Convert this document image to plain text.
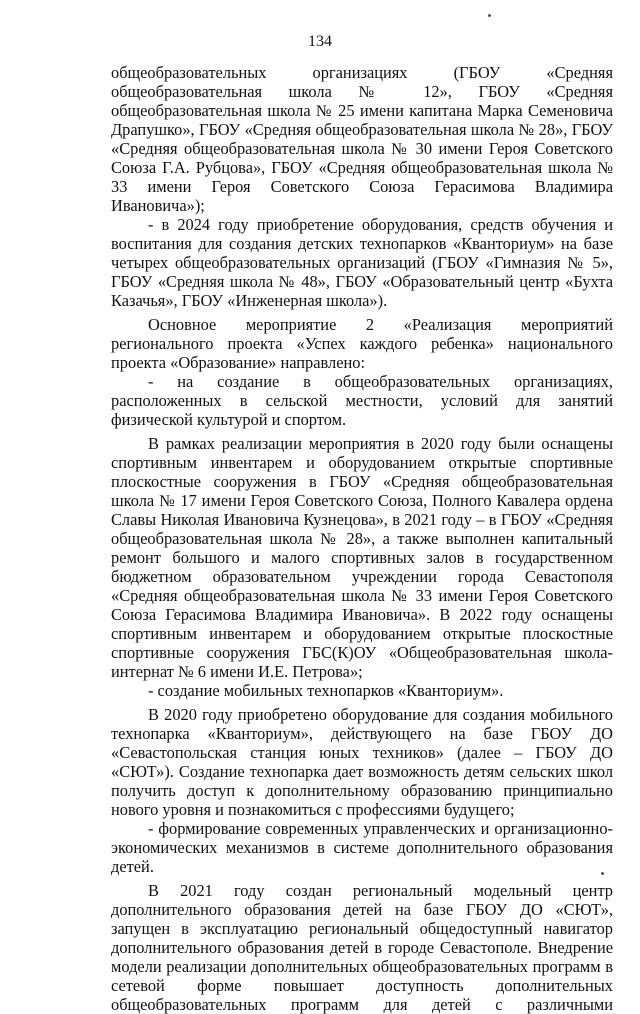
134

общеобразовательных организациях (ГБОУ «Средняя общеобразовательная школа № 12», ГБОУ «Средняя общеобразовательная школа № 25 имени капитана Марка Семеновича Драпушко», ГБОУ «Средняя общеобразовательная школа № 28», ГБОУ «Средняя общеобразовательная школа № 30 имени Героя Советского Союза Г.А. Рубцова», ГБОУ «Средняя общеобразовательная школа № 33 имени Героя Советского Союза Герасимова Владимира Ивановича»);

- в 2024 году приобретение оборудования, средств обучения и воспитания для создания детских технопарков «Кванториум» на базе четырех общеобразовательных организаций (ГБОУ «Гимназия № 5», ГБОУ «Средняя школа № 48», ГБОУ «Образовательный центр «Бухта Казачья», ГБОУ «Инженерная школа»).

Основное мероприятие 2 «Реализация мероприятий регионального проекта «Успех каждого ребенка» национального проекта «Образование» направлено:

- на создание в общеобразовательных организациях, расположенных в сельской местности, условий для занятий физической культурой и спортом.

В рамках реализации мероприятия в 2020 году были оснащены спортивным инвентарем и оборудованием открытые спортивные плоскостные сооружения в ГБОУ «Средняя общеобразовательная школа № 17 имени Героя Советского Союза, Полного Кавалера ордена Славы Николая Ивановича Кузнецова», в 2021 году – в ГБОУ «Средняя общеобразовательная школа № 28», а также выполнен капитальный ремонт большого и малого спортивных залов в государственном бюджетном образовательном учреждении города Севастополя «Средняя общеобразовательная школа № 33 имени Героя Советского Союза Герасимова Владимира Ивановича». В 2022 году оснащены спортивным инвентарем и оборудованием открытые плоскостные спортивные сооружения ГБС(К)ОУ «Общеобразовательная школа-интернат № 6 имени И.Е. Петрова»;

- создание мобильных технопарков «Кванториум».

В 2020 году приобретено оборудование для создания мобильного технопарка «Кванториум», действующего на базе ГБОУ ДО «Севастопольская станция юных техников» (далее – ГБОУ ДО «СЮТ»). Создание технопарка дает возможность детям сельских школ получить доступ к дополнительному образованию принципиально нового уровня и познакомиться с профессиями будущего;

- формирование современных управленческих и организационно-экономических механизмов в системе дополнительного образования детей.

В 2021 году создан региональный модельный центр дополнительного образования детей на базе ГБОУ ДО «СЮТ», запущен в эксплуатацию региональный общедоступный навигатор дополнительного образования детей в городе Севастополе. Внедрение модели реализации дополнительных общеобразовательных программ в сетевой форме повышает доступность дополнительных общеобразовательных программ для детей с различными
